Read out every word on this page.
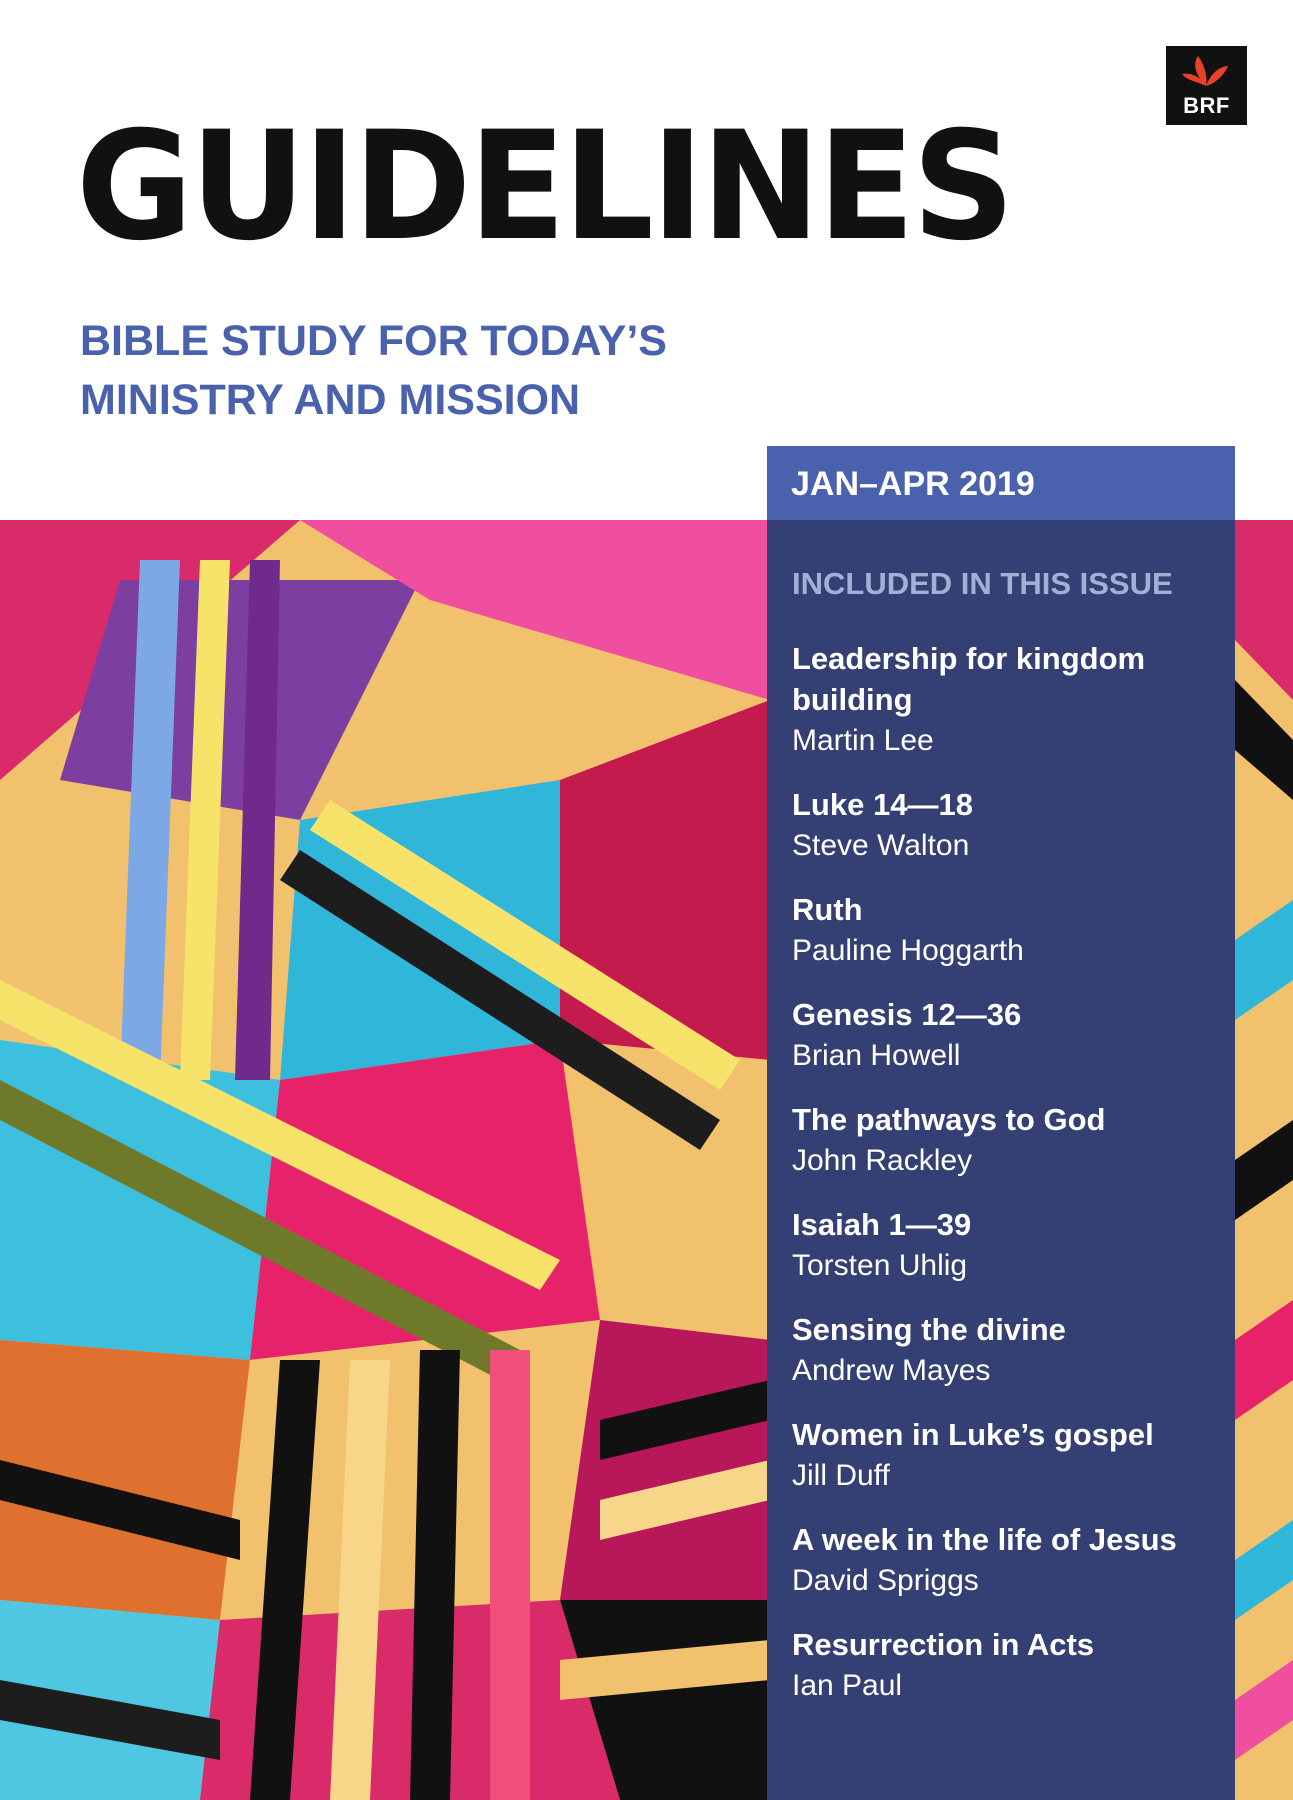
BRF
GUIDELINES
BIBLE STUDY FOR TODAY’S
MINISTRY AND MISSION
JAN–APR 2019
INCLUDED IN THIS ISSUE
Leadership for kingdom building
Martin Lee
Luke 14—18
Steve Walton
Ruth
Pauline Hoggarth
Genesis 12—36
Brian Howell
The pathways to God
John Rackley
Isaiah 1—39
Torsten Uhlig
Sensing the divine
Andrew Mayes
Women in Luke’s gospel
Jill Duff
A week in the life of Jesus
David Spriggs
Resurrection in Acts
Ian Paul
